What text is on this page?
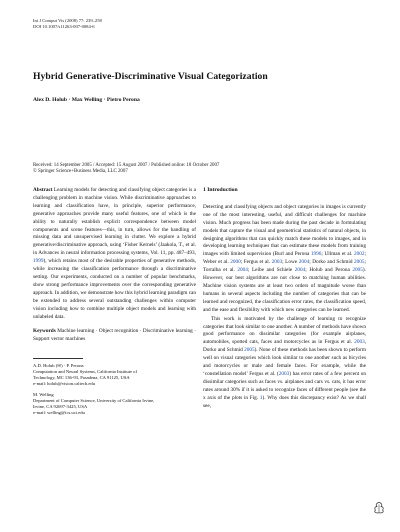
Int J Comput Vis (2008) 77: 239–258
DOI 10.1007/s11263-007-0084-6
Hybrid Generative-Discriminative Visual Categorization
Alex D. Holub · Max Welling · Pietro Perona
Received: 14 September 2005 / Accepted: 15 August 2007 / Published online: 18 October 2007
© Springer Science+Business Media, LLC 2007

Abstract Learning models for detecting and classifying object categories is a challenging problem in machine vision. While discriminative approaches to learning and classification have, in principle, superior performance, generative approaches provide many useful features, one of which is the ability to naturally establish explicit correspondence between model components and scene features—this, in turn, allows for the handling of missing data and unsupervised learning in clutter. We explore a hybrid generative/discriminative approach, using ‘Fisher Kernels’ (Jaakola, T., et al. in Advances in neural information processing systems, Vol. 11, pp. 487–493, 1999), which retains most of the desirable properties of generative methods, while increasing the classification performance through a discriminative setting. Our experiments, conducted on a number of popular benchmarks, show strong performance improvements over the corresponding generative approach. In addition, we demonstrate how this hybrid learning paradigm can be extended to address several outstanding challenges within computer vision including how to combine multiple object models and learning with unlabeled data.

Keywords Machine learning · Object recognition · Discriminative learning · Support vector machines

A.D. Holub (✉) · P. Perona

Computation and Neural Systems, California Institute of

Technology, MC 136-93, Pasadena, CA 91125, USA

e-mail: holub@vision.caltech.edu

M. Welling

Department of Computer Science, University of California Irvine,

Irvine, CA 92697-3425, USA

e-mail: welling@ics.uci.edu

1 Introduction

Detecting and classifying objects and object categories in images is currently one of the most interesting, useful, and difficult challenges for machine vision. Much progress has been made during the past decade in formulating models that capture the visual and geometrical statistics of natural objects, in designing algorithms that can quickly match these models to images, and in developing learning techniques that can estimate these models from training images with limited supervision (Burl and Perona 1996; Ullman et al. 2002; Weber et al. 2000; Fergus et al. 2003; Lowe 2004; Dorko and Schmid 2005; Torralba et al. 2004; Leibe and Schiele 2004; Holub and Perona 2005). However, our best algorithms are not close to matching human abilities. Machine vision systems are at least two orders of magnitude worse than humans in several aspects including the number of categories that can be learned and recognized, the classification error rates, the classification speed, and the ease and flexibility with which new categories can be learned.

This work is motivated by the challenge of learning to recognize categories that look similar to one another. A number of methods have shown good performance on dissimilar categories (for example airplanes, automobiles, spotted cats, faces and motorcycles as in Fergus et al. 2003, Dorko and Schmid 2005). None of these methods has been shown to perform well on visual categories which look similar to one another such as bicycles and motorcycles or male and female faces. For example, while the ‘constellation model’ Fergus et al. (2003) has error rates of a few percent on dissimilar categories such as faces vs. airplanes and cars vs. cats, it has error rates around 30% if it is asked to recognize faces of different people (see the x axis of the plots in Fig. 1). Why does this discrepancy exist? As we shall see,
